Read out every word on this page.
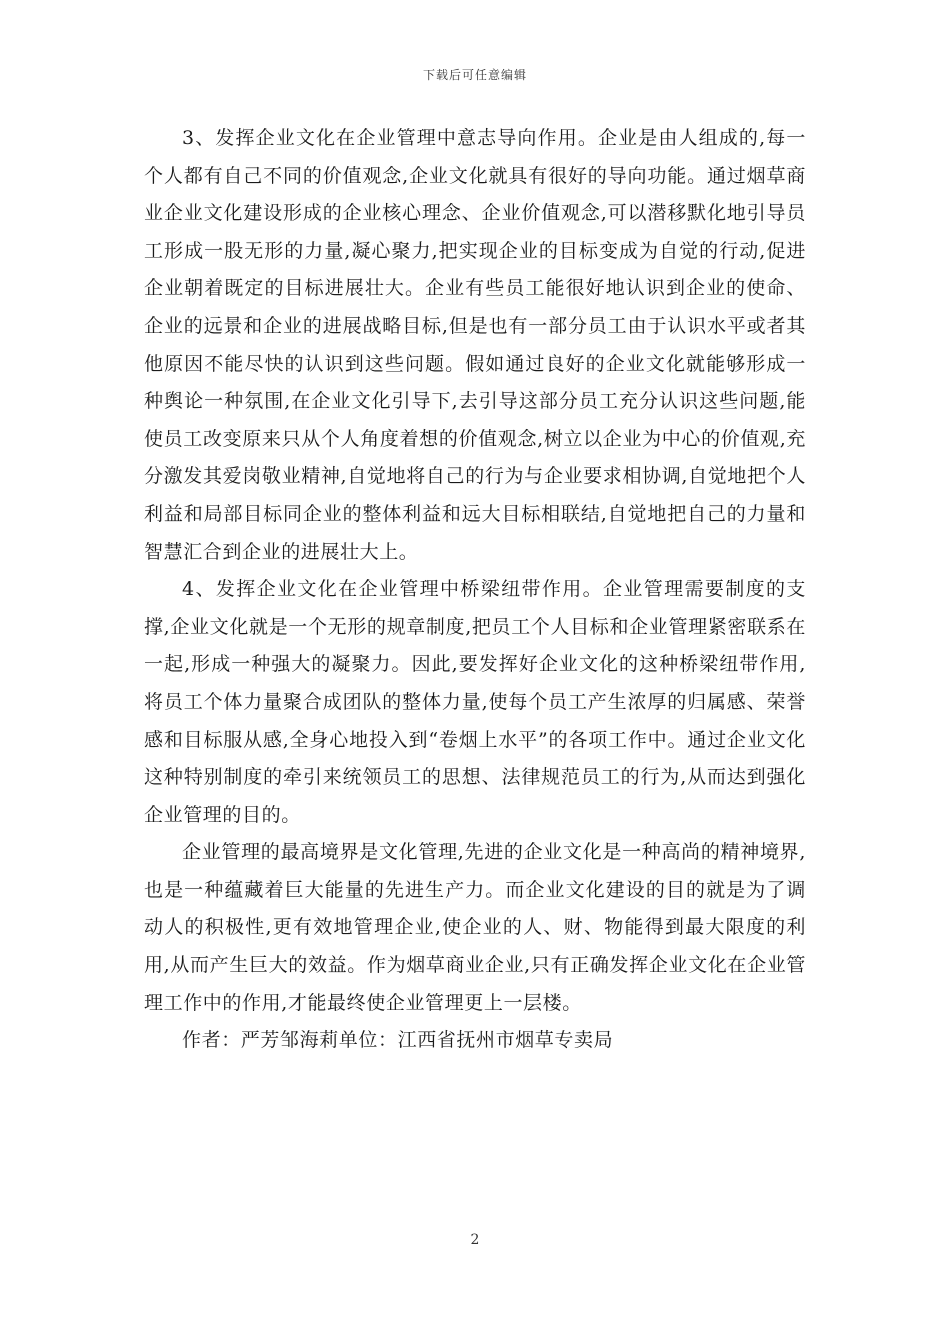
下载后可任意编辑

3、发挥企业文化在企业管理中意志导向作用。企业是由人组成的,每一个人都有自己不同的价值观念,企业文化就具有很好的导向功能。通过烟草商业企业文化建设形成的企业核心理念、企业价值观念,可以潜移默化地引导员工形成一股无形的力量,凝心聚力,把实现企业的目标变成为自觉的行动,促进企业朝着既定的目标进展壮大。企业有些员工能很好地认识到企业的使命、企业的远景和企业的进展战略目标,但是也有一部分员工由于认识水平或者其他原因不能尽快的认识到这些问题。假如通过良好的企业文化就能够形成一种舆论一种氛围,在企业文化引导下,去引导这部分员工充分认识这些问题,能使员工改变原来只从个人角度着想的价值观念,树立以企业为中心的价值观,充分激发其爱岗敬业精神,自觉地将自己的行为与企业要求相协调,自觉地把个人利益和局部目标同企业的整体利益和远大目标相联结,自觉地把自己的力量和智慧汇合到企业的进展壮大上。

4、发挥企业文化在企业管理中桥梁纽带作用。企业管理需要制度的支撑,企业文化就是一个无形的规章制度,把员工个人目标和企业管理紧密联系在一起,形成一种强大的凝聚力。因此,要发挥好企业文化的这种桥梁纽带作用,将员工个体力量聚合成团队的整体力量,使每个员工产生浓厚的归属感、荣誉感和目标服从感,全身心地投入到“卷烟上水平”的各项工作中。通过企业文化这种特别制度的牵引来统领员工的思想、法律规范员工的行为,从而达到强化企业管理的目的。

企业管理的最高境界是文化管理,先进的企业文化是一种高尚的精神境界,也是一种蕴藏着巨大能量的先进生产力。而企业文化建设的目的就是为了调动人的积极性,更有效地管理企业,使企业的人、财、物能得到最大限度的利用,从而产生巨大的效益。作为烟草商业企业,只有正确发挥企业文化在企业管理工作中的作用,才能最终使企业管理更上一层楼。

作者：严芳邹海莉单位：江西省抚州市烟草专卖局

2
